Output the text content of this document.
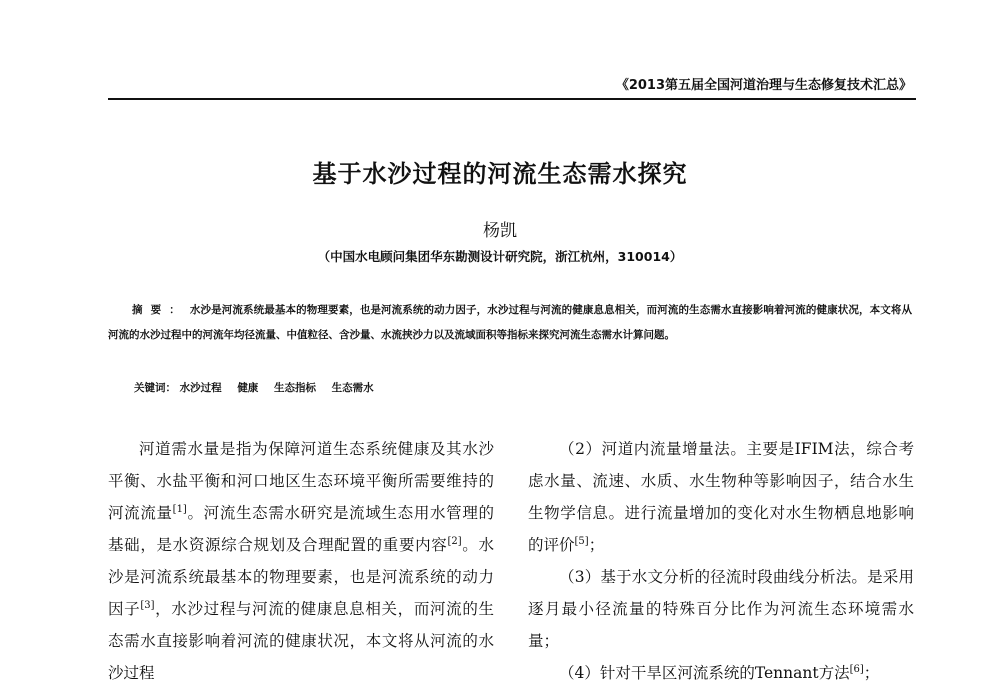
《2013第五届全国河道治理与生态修复技术汇总》
基于水沙过程的河流生态需水探究
杨凯
（中国水电顾问集团华东勘测设计研究院，浙江杭州，310014）
摘要： 水沙是河流系统最基本的物理要素，也是河流系统的动力因子，水沙过程与河流的健康息息相关，而河流的生态需水直接影响着河流的健康状况，本文将从河流的水沙过程中的河流年均径流量、中值粒径、含沙量、水流挟沙力以及流域面积等指标来探究河流生态需水计算问题。
关键词： 水沙过程 健康 生态指标 生态需水

河道需水量是指为保障河道生态系统健康及其水沙平衡、水盐平衡和河口地区生态环境平衡所需要维持的河流流量[1]。河流生态需水研究是流域生态用水管理的基础，是水资源综合规划及合理配置的重要内容[2]。水沙是河流系统最基本的物理要素，也是河流系统的动力因子[3]，水沙过程与河流的健康息息相关，而河流的生态需水直接影响着河流的健康状况，本文将从河流的水沙过程

（2）河道内流量增量法。主要是IFIM法，综合考虑水量、流速、水质、水生物种等影响因子，结合水生生物学信息。进行流量增加的变化对水生物栖息地影响的评价[5]；

（3）基于水文分析的径流时段曲线分析法。是采用逐月最小径流量的特殊百分比作为河流生态环境需水量；

（4）针对干旱区河流系统的Tennant方法[6]；
